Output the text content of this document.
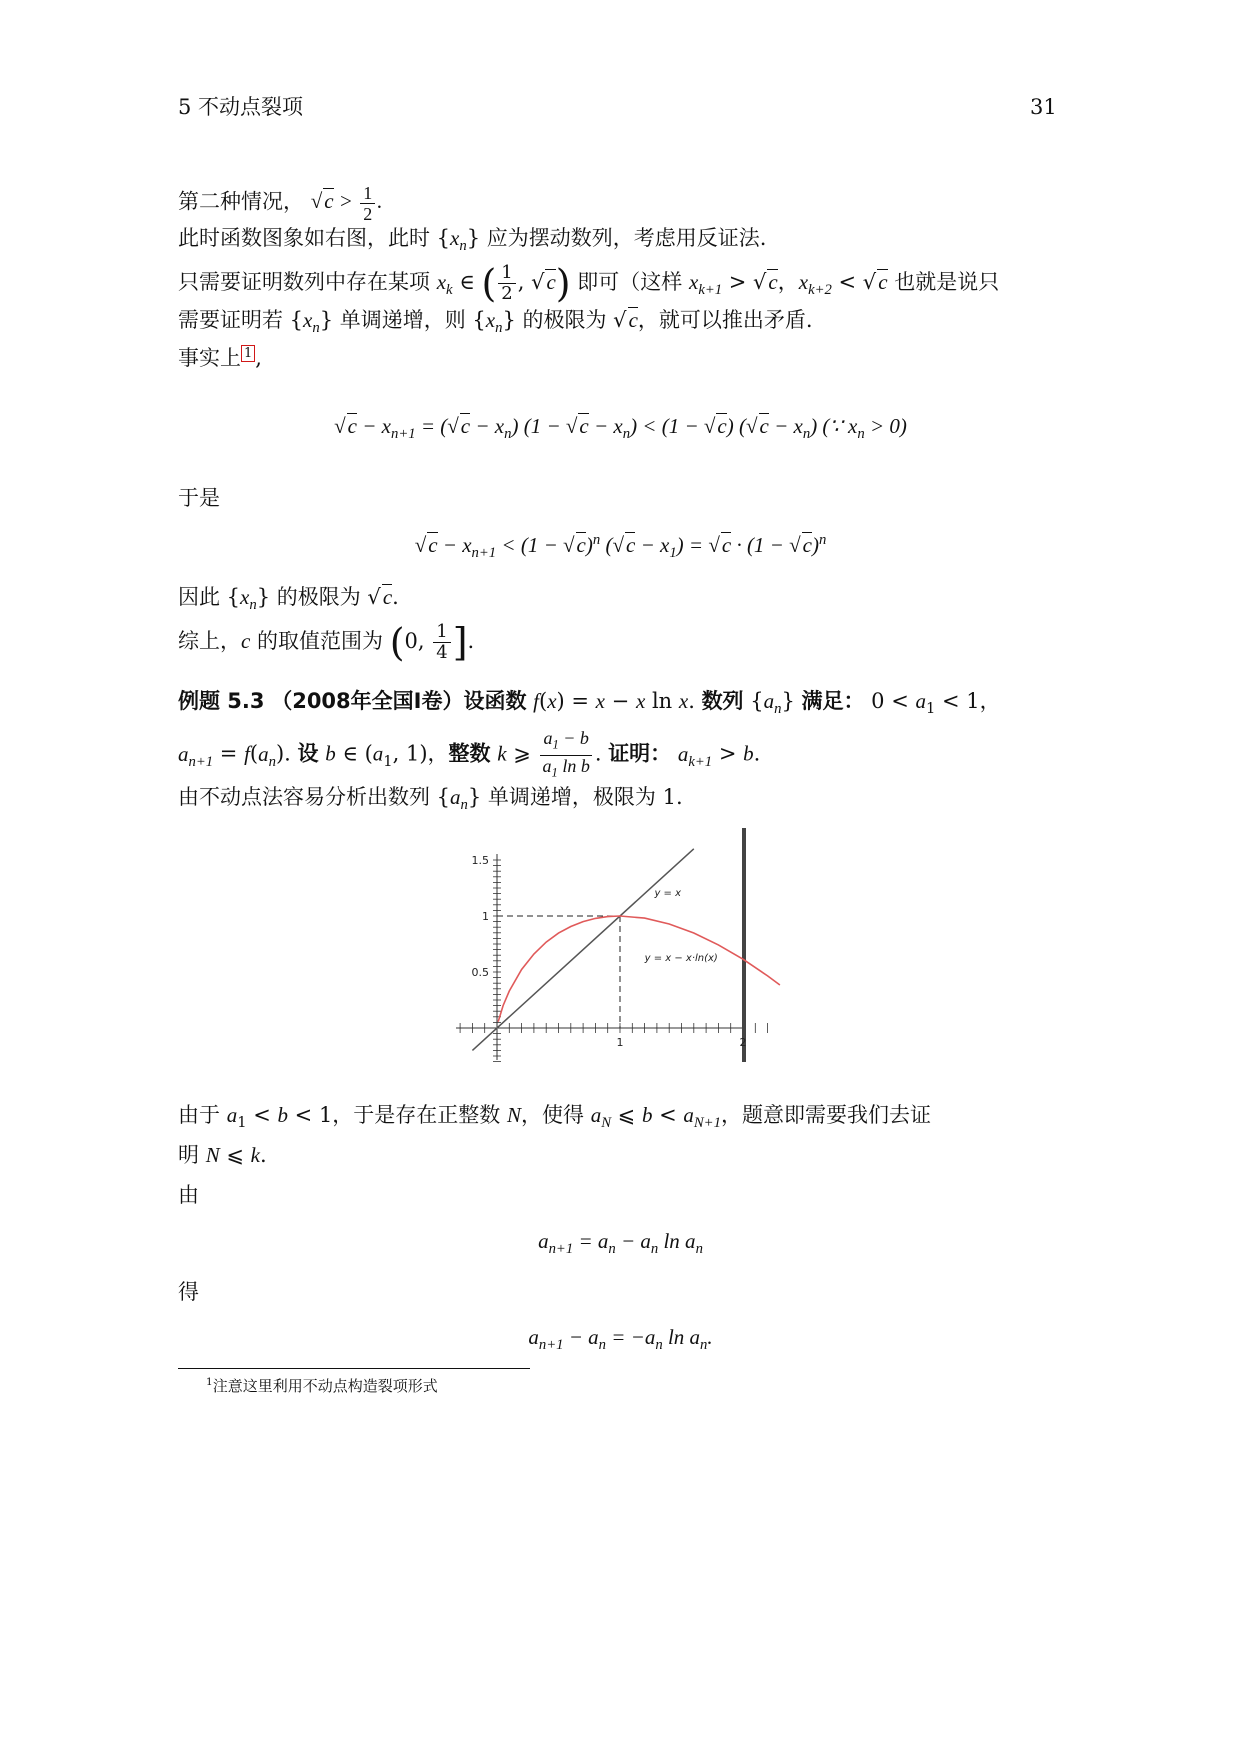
5 不动点裂项	31
第二种情况， $√c > \frac{1}{2}$ .
此时函数图象如右图，此时 $\{x_n\}$ 应为摆动数列，考虑用反证法.
只需要证明数列中存在某项 $x_k$ ∈ ( $\frac{1}{2}$ , √c) 即可（这样 $x_{k+1} > √c$，$x_{k+2} < √c$ 也就是说只
需要证明若 $\{x_n\}$ 单调递增，则 $\{x_n\}$ 的极限为 √c，就可以推出矛盾.
事实上 $^1$ ,
$√c - x_{n+1} = (√c - x_n) (1 - √c - x_n) < (1 - √c) (√c - x_n)$ (∵ $x_n > 0$)
于是
$√c - x_{n+1} < (1 - √c)^n$ $(√c - x_1) = √c \cdot (1 - √c)^n$
因此 $\{x_n\}$ 的极限为 √c.
综上，c 的取值范围为 (0, $\frac{1}{4}$ ].
例题 5.3 （2008年全国Ⅰ卷）设函数 f(x) = x − x ln x. 数列 $\{a_n\}$ 满足： $0 < a_1 < 1$，
$a_{n+1} = f(a_n)$. 设 b ∈ ($a_1$, 1)，整数 k ⩾ $\frac{a_1 - b}{a_1 \ln b}$ . 证明： $a_{k+1} > b$.
由不动点法容易分析出数列 $\{a_n\}$ 单调递增，极限为 1.
1	2
0.5
1
1.5
y = x
y = x − x·ln(x)
由于 $a_1 < b < 1$，于是存在正整数 N，使得 $a_N$ ⩽ $b < a_{N+1}$，题意即需要我们去证
明 N ⩽ k.
由
$a_{n+1} = a_n - a_n$ $\ln a_n$
得
$a_{n+1} - a_n = -a_n$ $\ln a_n$.
$^1$注意这里利用不动点构造裂项形式
